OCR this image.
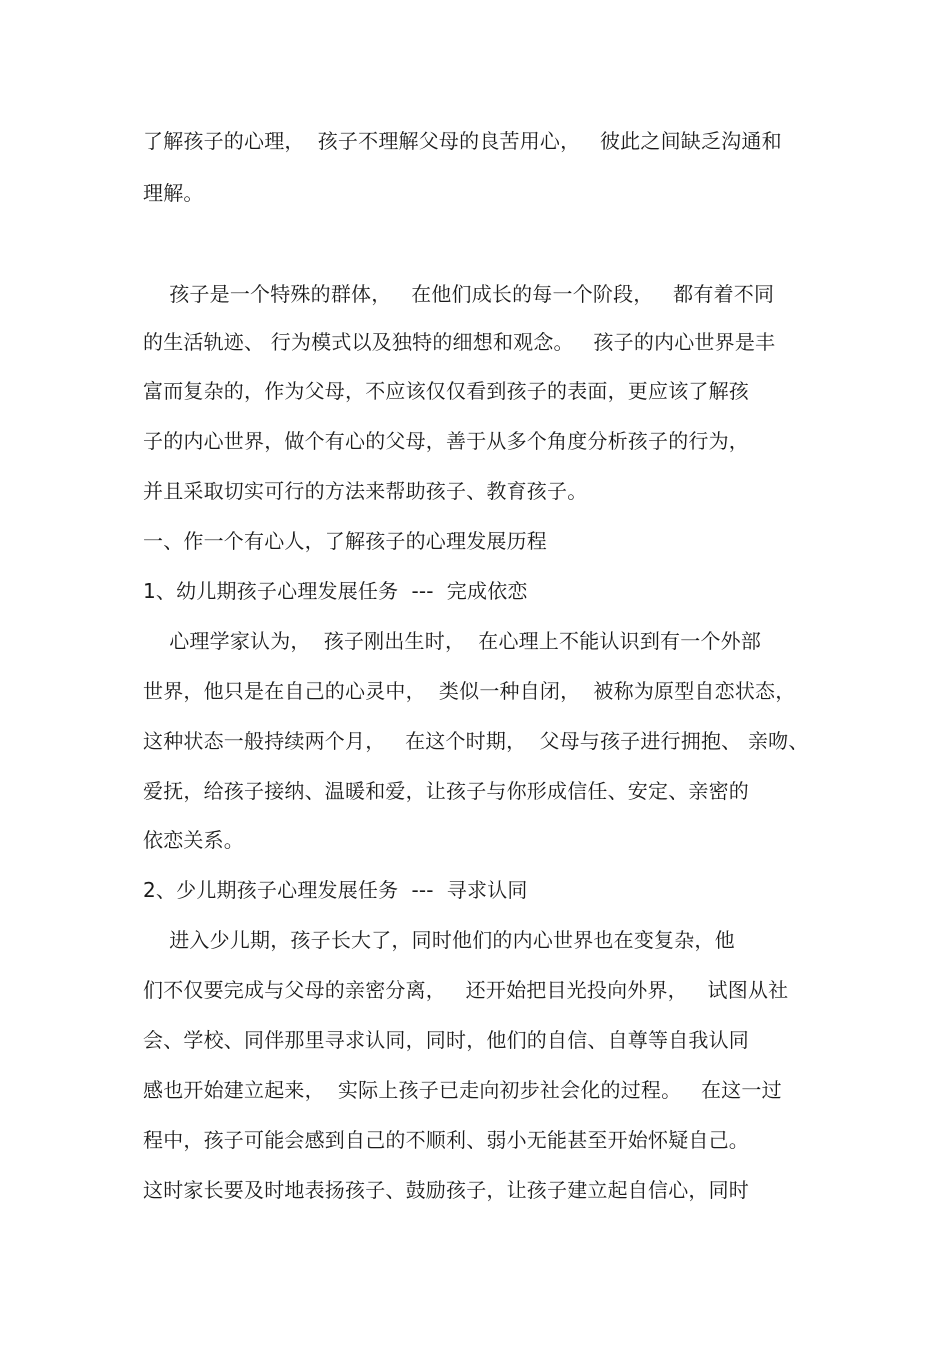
了解孩子的心理，  孩子不理解父母的良苦用心，   彼此之间缺乏沟通和
理解。
孩子是一个特殊的群体，   在他们成长的每一个阶段，   都有着不同
的生活轨迹、 行为模式以及独特的细想和观念。   孩子的内心世界是丰
富而复杂的，作为父母，不应该仅仅看到孩子的表面，更应该了解孩
子的内心世界，做个有心的父母，善于从多个角度分析孩子的行为，
并且采取切实可行的方法来帮助孩子、教育孩子。
一、作一个有心人，了解孩子的心理发展历程
1、幼儿期孩子心理发展任务  ---  完成依恋
心理学家认为，  孩子刚出生时，  在心理上不能认识到有一个外部
世界，他只是在自己的心灵中，  类似一种自闭，  被称为原型自恋状态，
这种状态一般持续两个月，   在这个时期，  父母与孩子进行拥抱、 亲吻、
爱抚，给孩子接纳、温暖和爱，让孩子与你形成信任、安定、亲密的
依恋关系。
2、少儿期孩子心理发展任务  ---  寻求认同
进入少儿期，孩子长大了，同时他们的内心世界也在变复杂，他
们不仅要完成与父母的亲密分离，   还开始把目光投向外界，   试图从社
会、学校、同伴那里寻求认同，同时，他们的自信、自尊等自我认同
感也开始建立起来，  实际上孩子已走向初步社会化的过程。   在这一过
程中，孩子可能会感到自己的不顺利、弱小无能甚至开始怀疑自己。
这时家长要及时地表扬孩子、鼓励孩子，让孩子建立起自信心，同时
